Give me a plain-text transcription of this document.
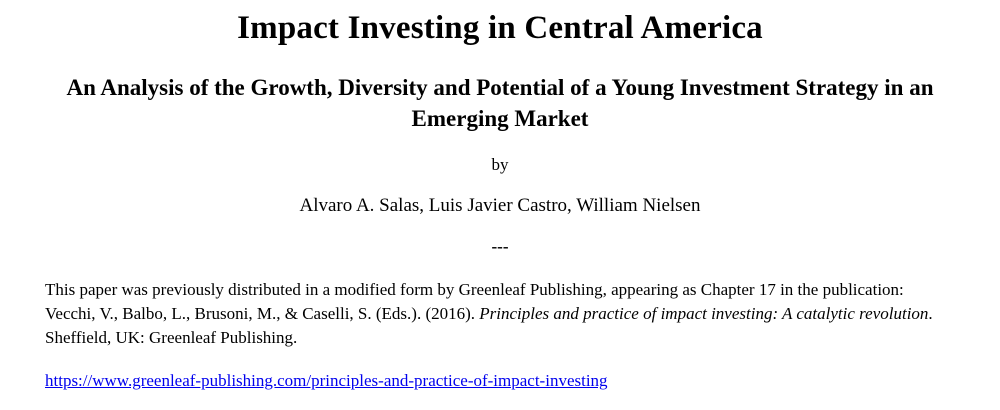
Impact Investing in Central America
An Analysis of the Growth, Diversity and Potential of a Young Investment Strategy in an Emerging Market

by

Alvaro A. Salas, Luis Javier Castro, William Nielsen

---

This paper was previously distributed in a modified form by Greenleaf Publishing, appearing as Chapter 17 in the publication: Vecchi, V., Balbo, L., Brusoni, M., & Caselli, S. (Eds.). (2016). Principles and practice of impact investing: A catalytic revolution. Sheffield, UK: Greenleaf Publishing.

https://www.greenleaf-publishing.com/principles-and-practice-of-impact-investing
